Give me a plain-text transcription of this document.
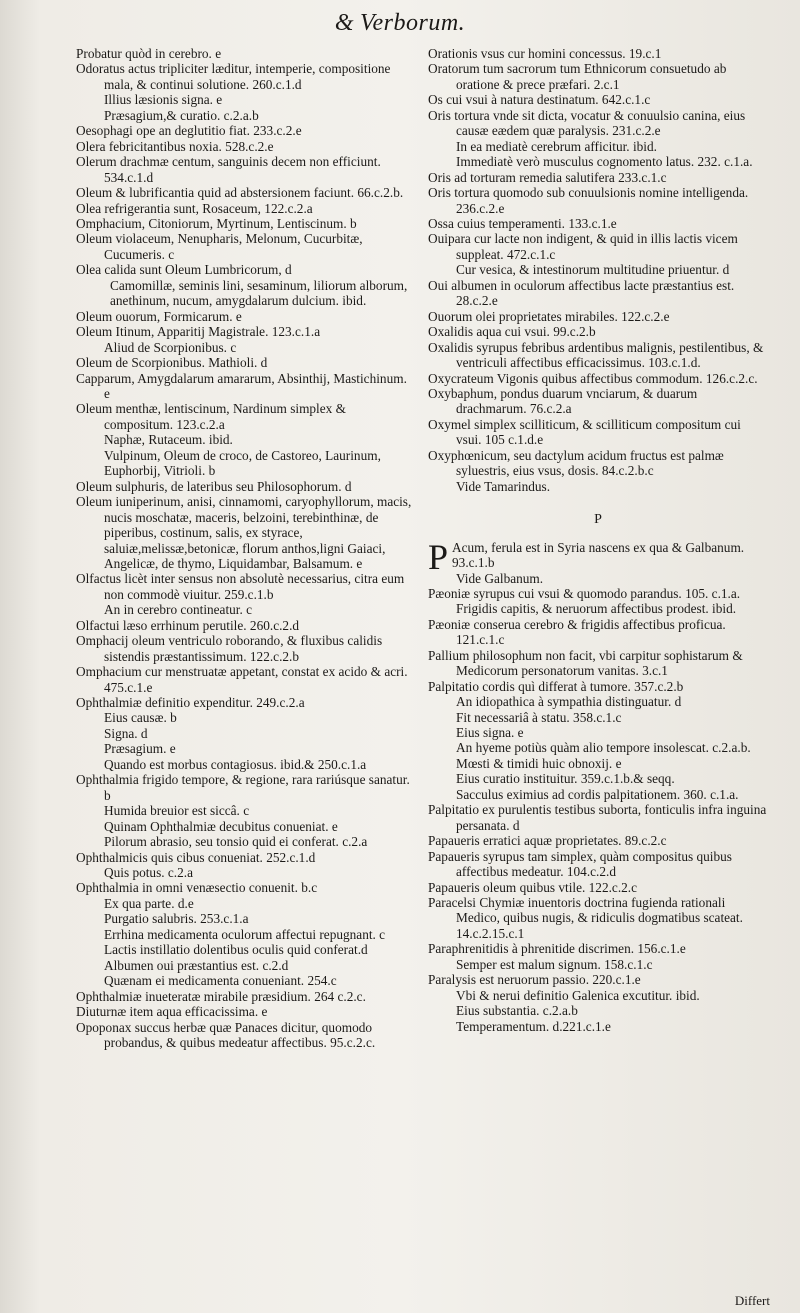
& Verborum.
Probatur quòd in cerebro. e
Odoratus actus tripliciter læditur, intemperie, compositione mala, & continui solutione. 260.c.1.d
Illius læsionis signa. e
Præsagium,& curatio. c.2.a.b
Oesophagi ope an deglutitio fiat. 233.c.2.e
Olera febricitantibus noxia. 528.c.2.e
Olerum drachmæ centum, sanguinis decem non efficiunt. 534.c.1.d
Oleum & lubrificantia quid ad abstersionem faciunt. 66.c.2.b.
Olea refrigerantia sunt, Rosaceum, 122.c.2.a
Omphacium, Citoniorum, Myrtinum, Lentiscinum. b
Oleum violaceum, Nenupharis, Melonum, Cucurbitæ, Cucumeris. c
Olea calida sunt Oleum Lumbricorum, d
Camomillæ, seminis lini, sesaminum, liliorum alborum, anethinum, nucum, amygdalarum dulcium. ibid.
Oleum ouorum, Formicarum. e
Oleum Itinum, Apparitij Magistrale. 123.c.1.a
Aliud de Scorpionibus. c
Oleum de Scorpionibus. Mathioli. d
Capparum, Amygdalarum amararum, Absinthij, Mastichinum. e
Oleum menthæ, lentiscinum, Nardinum simplex & compositum. 123.c.2.a
Naphæ, Rutaceum. ibid.
Vulpinum, Oleum de croco, de Castoreo, Laurinum, Euphorbij, Vitrioli. b
Oleum sulphuris, de lateribus seu Philosophorum. d
Oleum iuniperinum, anisi, cinnamomi, caryophyllorum, macis, nucis moschatæ, maceris, belzoini, terebinthinæ, de piperibus, costinum, salis, ex styrace, saluiæ,melissæ,betonicæ, florum anthos,ligni Gaiaci, Angelicæ, de thymo, Liquidambar, Balsamum. e
Olfactus licèt inter sensus non absolutè necessarius, citra eum non commodè viuitur. 259.c.1.b
An in cerebro contineatur. c
Olfactui læso errhinum perutile. 260.c.2.d
Omphacij oleum ventriculo roborando, & fluxibus calidis sistendis præstantissimum. 122.c.2.b
Omphacium cur menstruatæ appetant, constat ex acido & acri. 475.c.1.e
Ophthalmiæ definitio expenditur. 249.c.2.a
Eius causæ. b
Signa. d
Præsagium. e
Quando est morbus contagiosus. ibid.& 250.c.1.a
Ophthalmia frigido tempore, & regione, rara rariúsque sanatur. b
Humida breuior est siccâ. c
Quinam Ophthalmiæ decubitus conueniat. e
Pilorum abrasio, seu tonsio quid ei conferat. c.2.a
Ophthalmicis quis cibus conueniat. 252.c.1.d
Quis potus. c.2.a
Ophthalmia in omni venæsectio conuenit. b.c
Ex qua parte. d.e
Purgatio salubris. 253.c.1.a
Errhina medicamenta oculorum affectui repugnant. c
Lactis instillatio dolentibus oculis quid conferat.d
Albumen oui præstantius est. c.2.d
Quænam ei medicamenta conueniant. 254.c
Ophthalmiæ inueteratæ mirabile præsidium. 264 c.2.c.
Diuturnæ item aqua efficacissima. e
Opoponax succus herbæ quæ Panaces dicitur, quomodo probandus, & quibus medeatur affectibus. 95.c.2.c.
Orationis vsus cur homini concessus. 19.c.1
Oratorum tum sacrorum tum Ethnicorum consuetudo ab oratione & prece præfari. 2.c.1
Os cui vsui à natura destinatum. 642.c.1.c
Oris tortura vnde sit dicta, vocatur & conuulsio canina, eius causæ eædem quæ paralysis. 231.c.2.e
In ea mediatè cerebrum afficitur. ibid.
Immediatè verò musculus cognomento latus. 232. c.1.a.
Oris ad torturam remedia salutifera 233.c.1.c
Oris tortura quomodo sub conuulsionis nomine intelligenda. 236.c.2.e
Ossa cuius temperamenti. 133.c.1.e
Ouipara cur lacte non indigent, & quid in illis lactis vicem suppleat. 472.c.1.c
Cur vesica, & intestinorum multitudine priuentur. d
Oui albumen in oculorum affectibus lacte præstantius est. 28.c.2.e
Ouorum olei proprietates mirabiles. 122.c.2.e
Oxalidis aqua cui vsui. 99.c.2.b
Oxalidis syrupus febribus ardentibus malignis, pestilentibus, & ventriculi affectibus efficacissimus. 103.c.1.d.
Oxycrateum Vigonis quibus affectibus commodum. 126.c.2.c.
Oxybaphum, pondus duarum vnciarum, & duarum drachmarum. 76.c.2.a
Oxymel simplex scilliticum, & scilliticum compositum cui vsui. 105 c.1.d.e
Oxyphœnicum, seu dactylum acidum fructus est palmæ syluestris, eius vsus, dosis. 84.c.2.b.c
Vide Tamarindus.
P
P Acum, ferula est in Syria nascens ex qua & Galbanum. 93.c.1.b
Vide Galbanum.
Pæoniæ syrupus cui vsui & quomodo parandus. 105. c.1.a.
Frigidis capitis, & neruorum affectibus prodest. ibid.
Pæoniæ conserua cerebro & frigidis affectibus proficua. 121.c.1.c
Pallium philosophum non facit, vbi carpitur sophistarum & Medicorum personatorum vanitas. 3.c.1
Palpitatio cordis quì differat à tumore. 357.c.2.b
An idiopathica à sympathia distinguatur. d
Fit necessariâ à statu. 358.c.1.c
Eius signa. e
An hyeme potiùs quàm alio tempore insolescat. c.2.a.b.
Mœsti & timidi huic obnoxij. e
Eius curatio instituitur. 359.c.1.b.& seqq.
Sacculus eximius ad cordis palpitationem. 360. c.1.a.
Palpitatio ex purulentis testibus suborta, fonticulis infra inguina persanata. d
Papaueris erratici aquæ proprietates. 89.c.2.c
Papaueris syrupus tam simplex, quàm compositus quibus affectibus medeatur. 104.c.2.d
Papaueris oleum quibus vtile. 122.c.2.c
Paracelsi Chymiæ inuentoris doctrina fugienda rationali Medico, quibus nugis, & ridiculis dogmatibus scateat. 14.c.2.15.c.1
Paraphrenitidis à phrenitide discrimen. 156.c.1.e
Semper est malum signum. 158.c.1.c
Paralysis est neruorum passio. 220.c.1.e
Vbi & nerui definitio Galenica excutitur. ibid.
Eius substantia. c.2.a.b
Temperamentum. d.221.c.1.e
Differt
